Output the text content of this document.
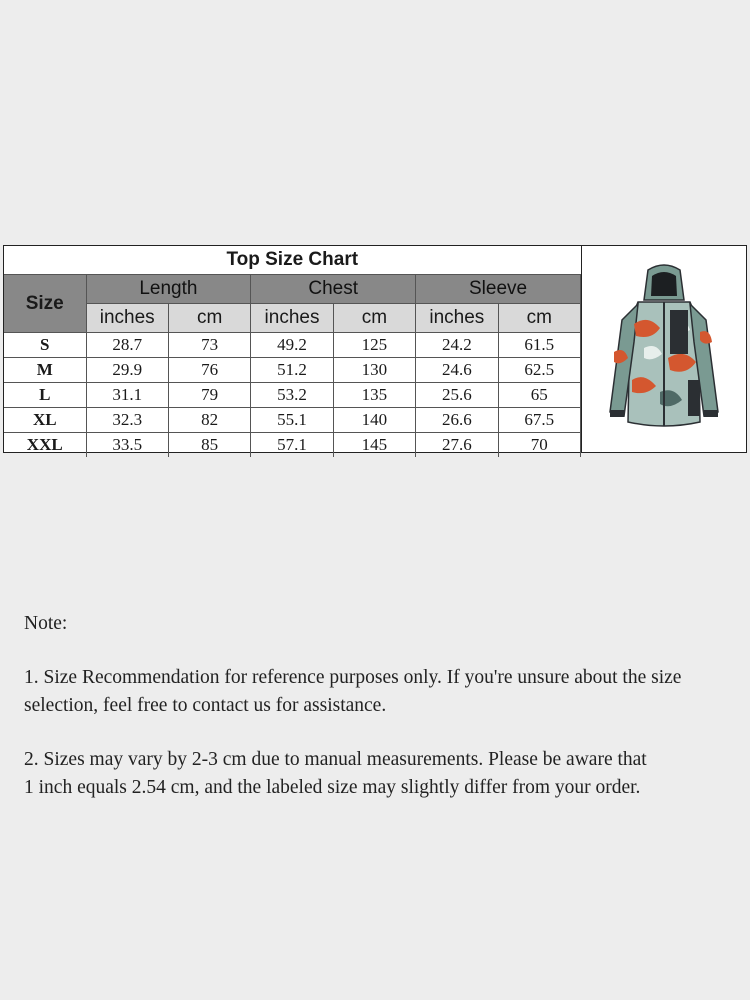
Top Size Chart						
Size	Length		Chest		Sleeve	
	inches	cm	inches	cm	inches	cm
S	28.7	73	49.2	125	24.2	61.5
M	29.9	76	51.2	130	24.6	62.5
L	31.1	79	53.2	135	25.6	65
XL	32.3	82	55.1	140	26.6	67.5
XXL	33.5	85	57.1	145	27.6	70

Note:

1. Size Recommendation for reference purposes only. If you're unsure about the size

selection, feel free to contact us for assistance.

2. Sizes may vary by 2-3 cm due to manual measurements. Please be aware that

1 inch equals 2.54 cm, and the labeled size may slightly differ from your order.
